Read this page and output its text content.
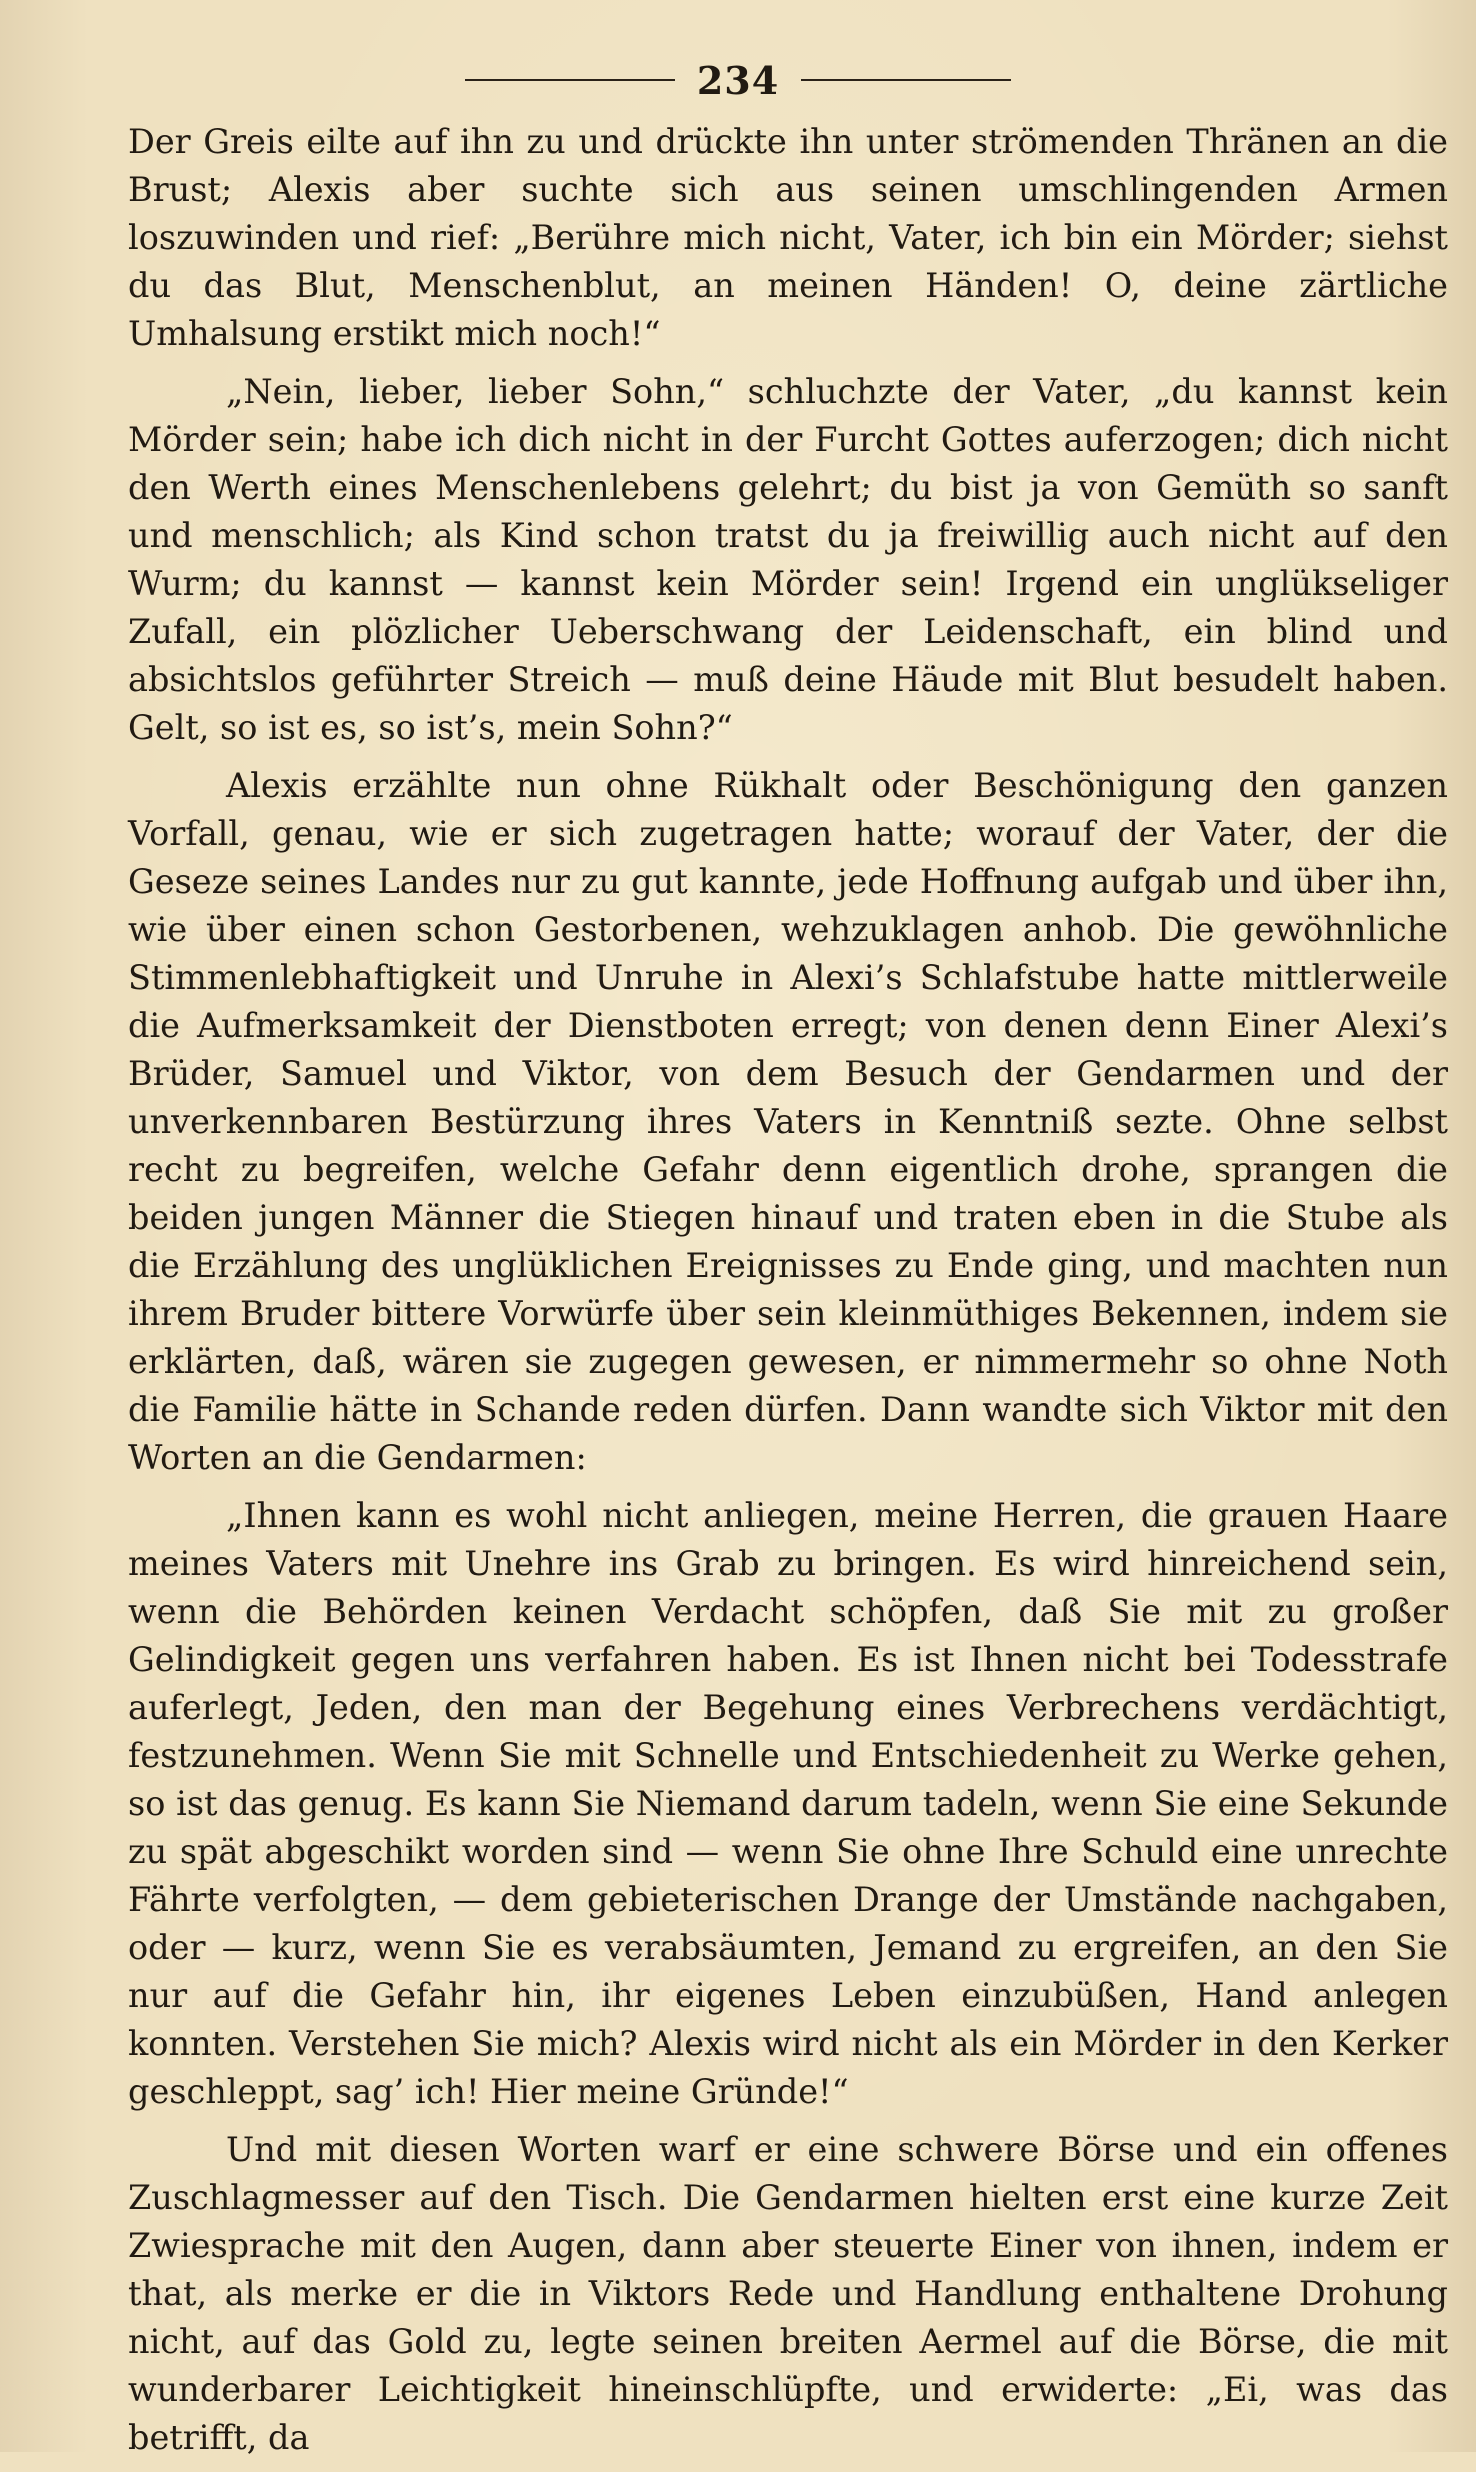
234

Der Greis eilte auf ihn zu und drückte ihn unter strömenden Thränen an die Brust; Alexis aber suchte sich aus seinen umschlingenden Armen loszuwinden und rief: „Berühre mich nicht, Vater, ich bin ein Mörder; siehst du das Blut, Menschenblut, an meinen Händen! O, deine zärtliche Umhalsung erstikt mich noch!“

„Nein, lieber, lieber Sohn,“ schluchzte der Vater, „du kannst kein Mörder sein; habe ich dich nicht in der Furcht Gottes auferzogen; dich nicht den Werth eines Menschenlebens gelehrt; du bist ja von Gemüth so sanft und menschlich; als Kind schon tratst du ja freiwillig auch nicht auf den Wurm; du kannst — kannst kein Mörder sein! Irgend ein unglükseliger Zufall, ein plözlicher Ueberschwang der Leidenschaft, ein blind und absichtslos geführter Streich — muß deine Häude mit Blut besudelt haben. Gelt, so ist es, so ist’s, mein Sohn?“

Alexis erzählte nun ohne Rükhalt oder Beschönigung den ganzen Vorfall, genau, wie er sich zugetragen hatte; worauf der Vater, der die Geseze seines Landes nur zu gut kannte, jede Hoffnung aufgab und über ihn, wie über einen schon Gestorbenen, wehzuklagen anhob. Die gewöhnliche Stimmenlebhaftigkeit und Unruhe in Alexi’s Schlafstube hatte mittlerweile die Aufmerksamkeit der Dienstboten erregt; von denen denn Einer Alexi’s Brüder, Samuel und Viktor, von dem Besuch der Gendarmen und der unverkennbaren Bestürzung ihres Vaters in Kenntniß sezte. Ohne selbst recht zu begreifen, welche Gefahr denn eigentlich drohe, sprangen die beiden jungen Männer die Stiegen hinauf und traten eben in die Stube als die Erzählung des unglüklichen Ereignisses zu Ende ging, und machten nun ihrem Bruder bittere Vorwürfe über sein kleinmüthiges Bekennen, indem sie erklärten, daß, wären sie zugegen gewesen, er nimmermehr so ohne Noth die Familie hätte in Schande reden dürfen. Dann wandte sich Viktor mit den Worten an die Gendarmen:

„Ihnen kann es wohl nicht anliegen, meine Herren, die grauen Haare meines Vaters mit Unehre ins Grab zu bringen. Es wird hinreichend sein, wenn die Behörden keinen Verdacht schöpfen, daß Sie mit zu großer Gelindigkeit gegen uns verfahren haben. Es ist Ihnen nicht bei Todesstrafe auferlegt, Jeden, den man der Begehung eines Verbrechens verdächtigt, festzunehmen. Wenn Sie mit Schnelle und Entschiedenheit zu Werke gehen, so ist das genug. Es kann Sie Niemand darum tadeln, wenn Sie eine Sekunde zu spät abgeschikt worden sind — wenn Sie ohne Ihre Schuld eine unrechte Fährte verfolgten, — dem gebieterischen Drange der Umstände nachgaben, oder — kurz, wenn Sie es verabsäumten, Jemand zu ergreifen, an den Sie nur auf die Gefahr hin, ihr eigenes Leben einzubüßen, Hand anlegen konnten. Verstehen Sie mich? Alexis wird nicht als ein Mörder in den Kerker geschleppt, sag’ ich! Hier meine Gründe!“

Und mit diesen Worten warf er eine schwere Börse und ein offenes Zuschlagmesser auf den Tisch. Die Gendarmen hielten erst eine kurze Zeit Zwiesprache mit den Augen, dann aber steuerte Einer von ihnen, indem er that, als merke er die in Viktors Rede und Handlung enthaltene Drohung nicht, auf das Gold zu, legte seinen breiten Aermel auf die Börse, die mit wunderbarer Leichtigkeit hineinschlüpfte, und erwiderte: „Ei, was das betrifft, da
